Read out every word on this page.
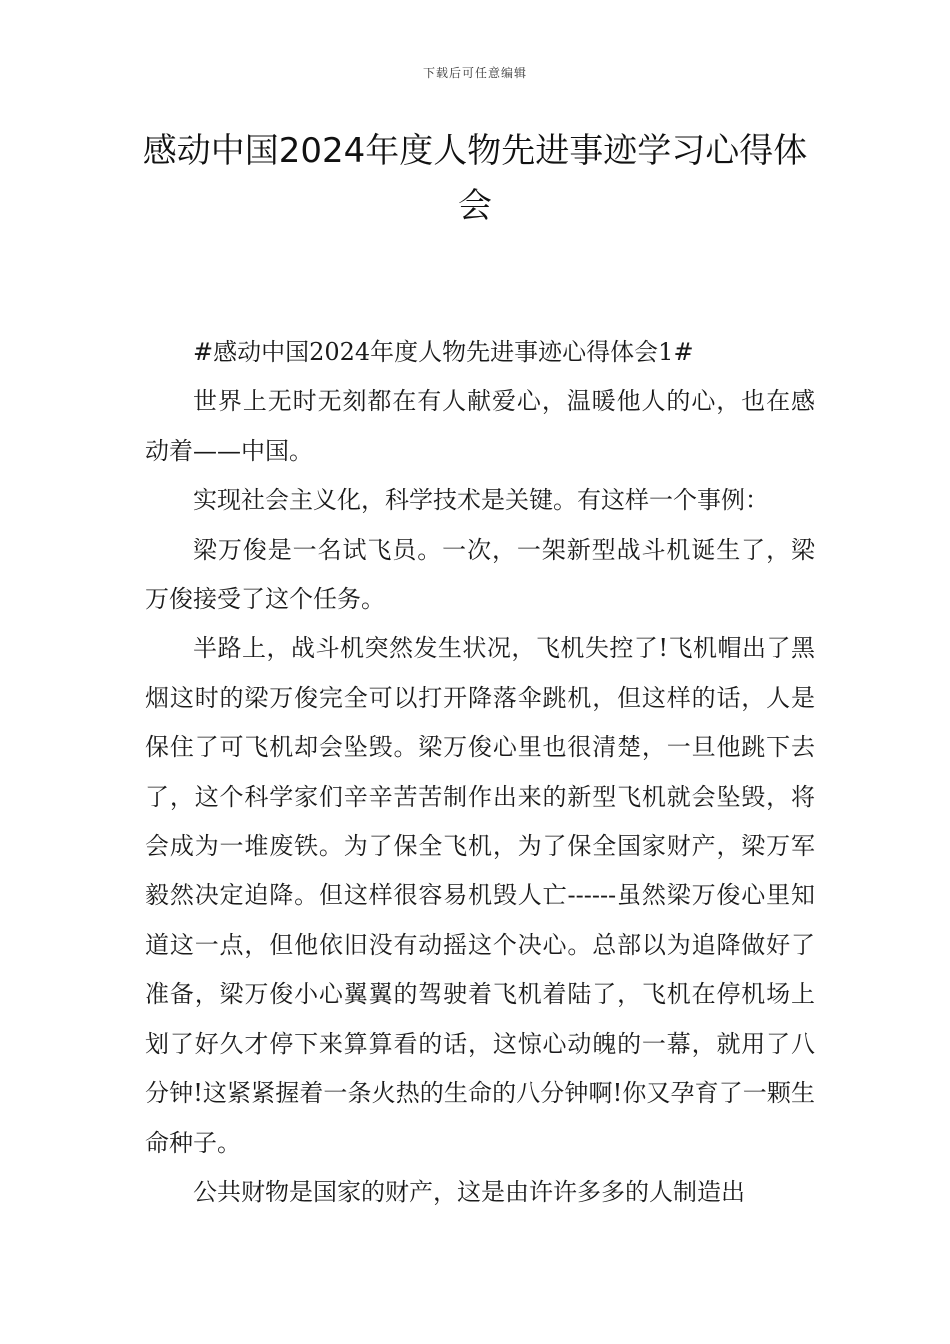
下载后可任意编辑
感动中国2024年度人物先进事迹学习心得体会

#感动中国2024年度人物先进事迹心得体会1#

世界上无时无刻都在有人献爱心，温暖他人的心，也在感动着——中国。

实现社会主义化，科学技术是关键。有这样一个事例：

梁万俊是一名试飞员。一次，一架新型战斗机诞生了，梁万俊接受了这个任务。

半路上，战斗机突然发生状况，飞机失控了!飞机帽出了黑烟这时的梁万俊完全可以打开降落伞跳机，但这样的话，人是保住了可飞机却会坠毁。梁万俊心里也很清楚，一旦他跳下去了，这个科学家们辛辛苦苦制作出来的新型飞机就会坠毁，将会成为一堆废铁。为了保全飞机，为了保全国家财产，梁万军毅然决定迫降。但这样很容易机毁人亡------虽然梁万俊心里知道这一点，但他依旧没有动摇这个决心。总部以为追降做好了准备，梁万俊小心翼翼的驾驶着飞机着陆了，飞机在停机场上划了好久才停下来算算看的话，这惊心动魄的一幕，就用了八分钟!这紧紧握着一条火热的生命的八分钟啊!你又孕育了一颗生命种子。

公共财物是国家的财产，这是由许许多多的人制造出
